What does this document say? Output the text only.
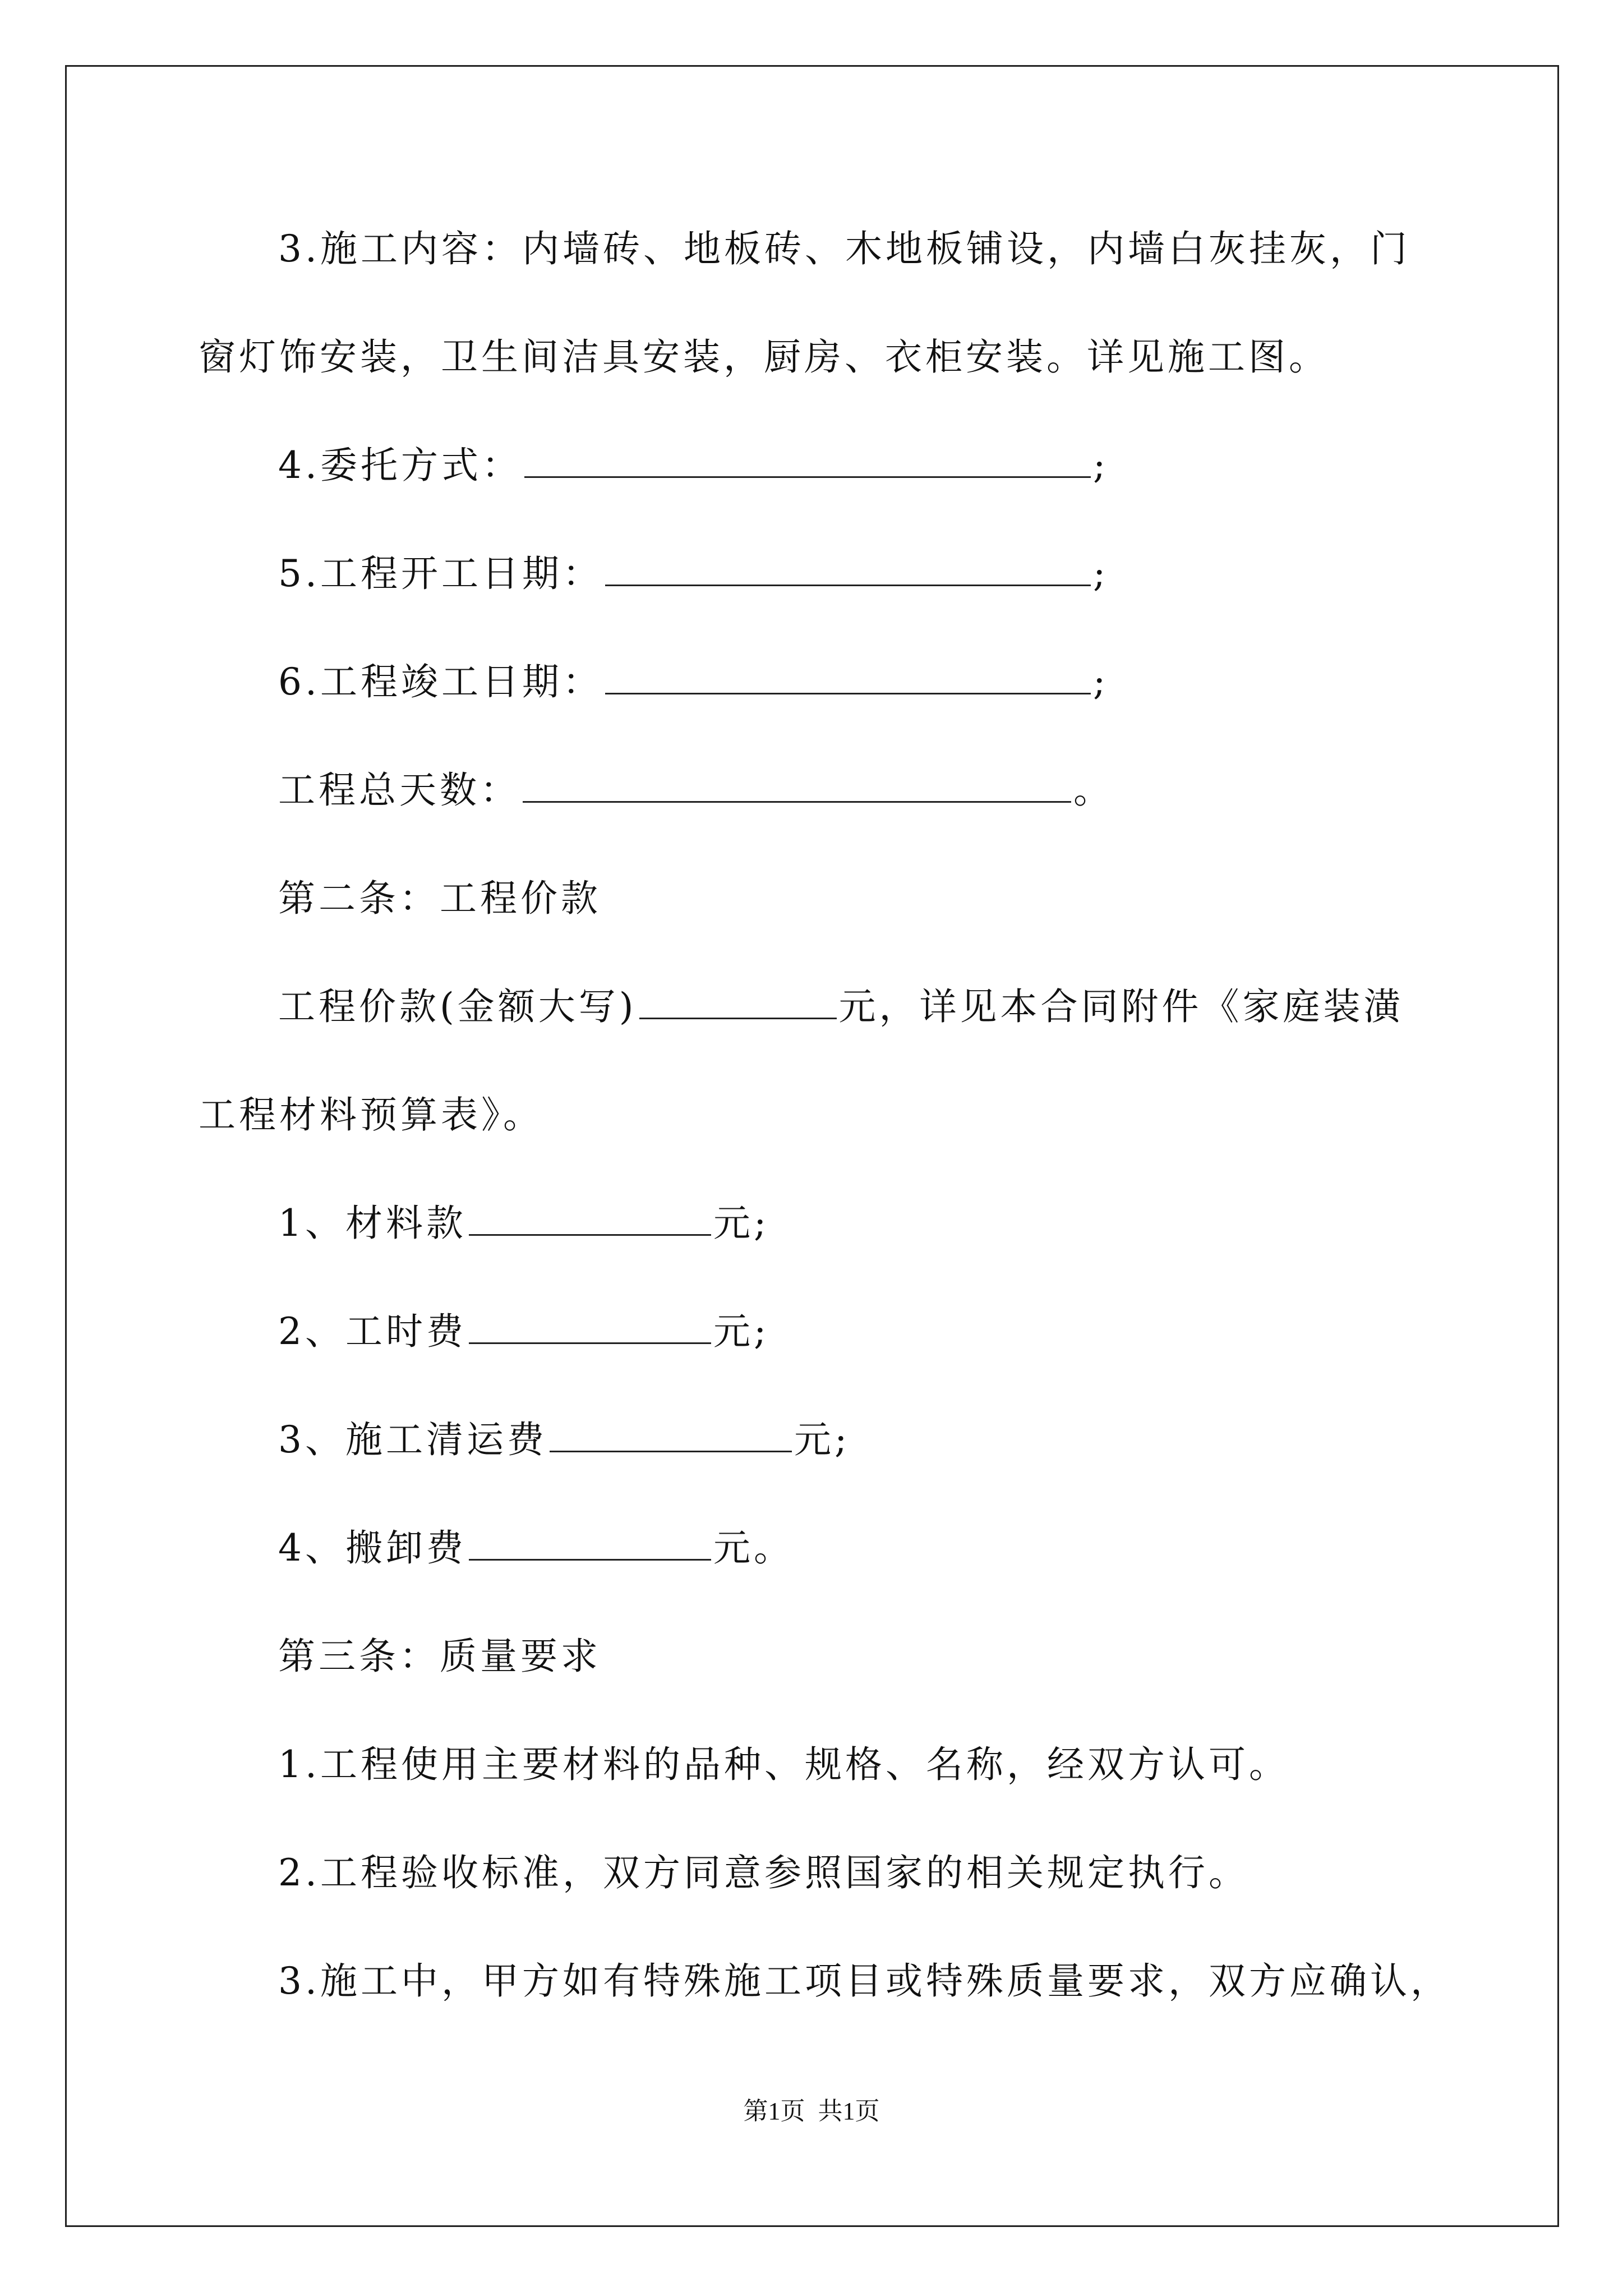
3.施工内容：内墙砖、地板砖、木地板铺设，内墙白灰挂灰，门

窗灯饰安装，卫生间洁具安装，厨房、衣柜安装。详见施工图。

4.委托方式：	;

5.工程开工日期：	;

6.工程竣工日期：	;

工程总天数：	。

第二条：工程价款

工程价款(金额大写)	元，详见本合同附件《家庭装潢

工程材料预算表》。

1、材料款	元;

2、工时费	元;

3、施工清运费	元;

4、搬卸费	元。

第三条：质量要求

1.工程使用主要材料的品种、规格、名称，经双方认可。

2.工程验收标准，双方同意参照国家的相关规定执行。

3.施工中，甲方如有特殊施工项目或特殊质量要求，双方应确认，

第1页 共1页
